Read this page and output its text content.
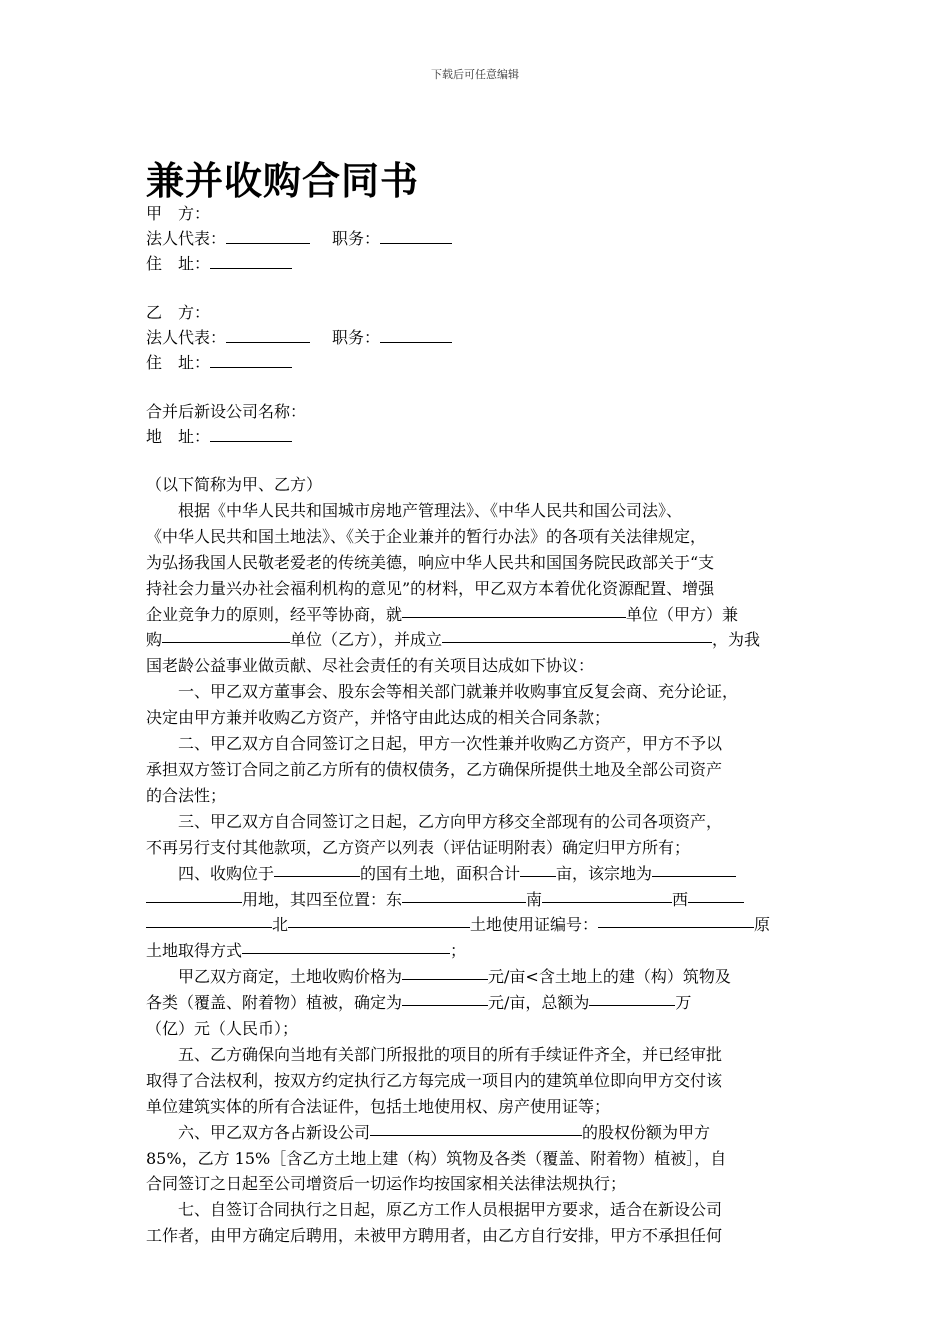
下载后可任意编辑
兼并收购合同书
甲　方：
法人代表：	职务：
住　址：
乙　方：
法人代表：	职务：
住　址：
合并后新设公司名称：
地　址：
（以下简称为甲、乙方）
根据《中华人民共和国城市房地产管理法》、《中华人民共和国公司法》、
《中华人民共和国土地法》、《关于企业兼并的暂行办法》的各项有关法律规定，
为弘扬我国人民敬老爱老的传统美德，响应中华人民共和国国务院民政部关于“支
持社会力量兴办社会福利机构的意见”的材料，甲乙双方本着优化资源配置、增强
企业竞争力的原则，经平等协商，就	单位（甲方）兼
购	单位（乙方），并成立	，为我
国老龄公益事业做贡献、尽社会责任的有关项目达成如下协议：
一、甲乙双方董事会、股东会等相关部门就兼并收购事宜反复会商、充分论证，
决定由甲方兼并收购乙方资产，并恪守由此达成的相关合同条款；
二、甲乙双方自合同签订之日起，甲方一次性兼并收购乙方资产，甲方不予以
承担双方签订合同之前乙方所有的债权债务，乙方确保所提供土地及全部公司资产
的合法性；
三、甲乙双方自合同签订之日起，乙方向甲方移交全部现有的公司各项资产，
不再另行支付其他款项，乙方资产以列表（评估证明附表）确定归甲方所有；
四、收购位于	的国有土地，面积合计 亩，该宗地为
用地，其四至位置：东	南	西
北	土地使用证编号：	原
土地取得方式	；
甲乙双方商定，土地收购价格为	元/亩<含土地上的建（构）筑物及
各类（覆盖、附着物）植被，确定为	元/亩，总额为	万
（亿）元（人民币）；
五、乙方确保向当地有关部门所报批的项目的所有手续证件齐全，并已经审批
取得了合法权利，按双方约定执行乙方每完成一项目内的建筑单位即向甲方交付该
单位建筑实体的所有合法证件，包括土地使用权、房产使用证等；
六、甲乙双方各占新设公司	的股权份额为甲方
85%，乙方 15%［含乙方土地上建（构）筑物及各类（覆盖、附着物）植被］，自
合同签订之日起至公司增资后一切运作均按国家相关法律法规执行；
七、自签订合同执行之日起，原乙方工作人员根据甲方要求，适合在新设公司
工作者，由甲方确定后聘用，未被甲方聘用者，由乙方自行安排，甲方不承担任何
